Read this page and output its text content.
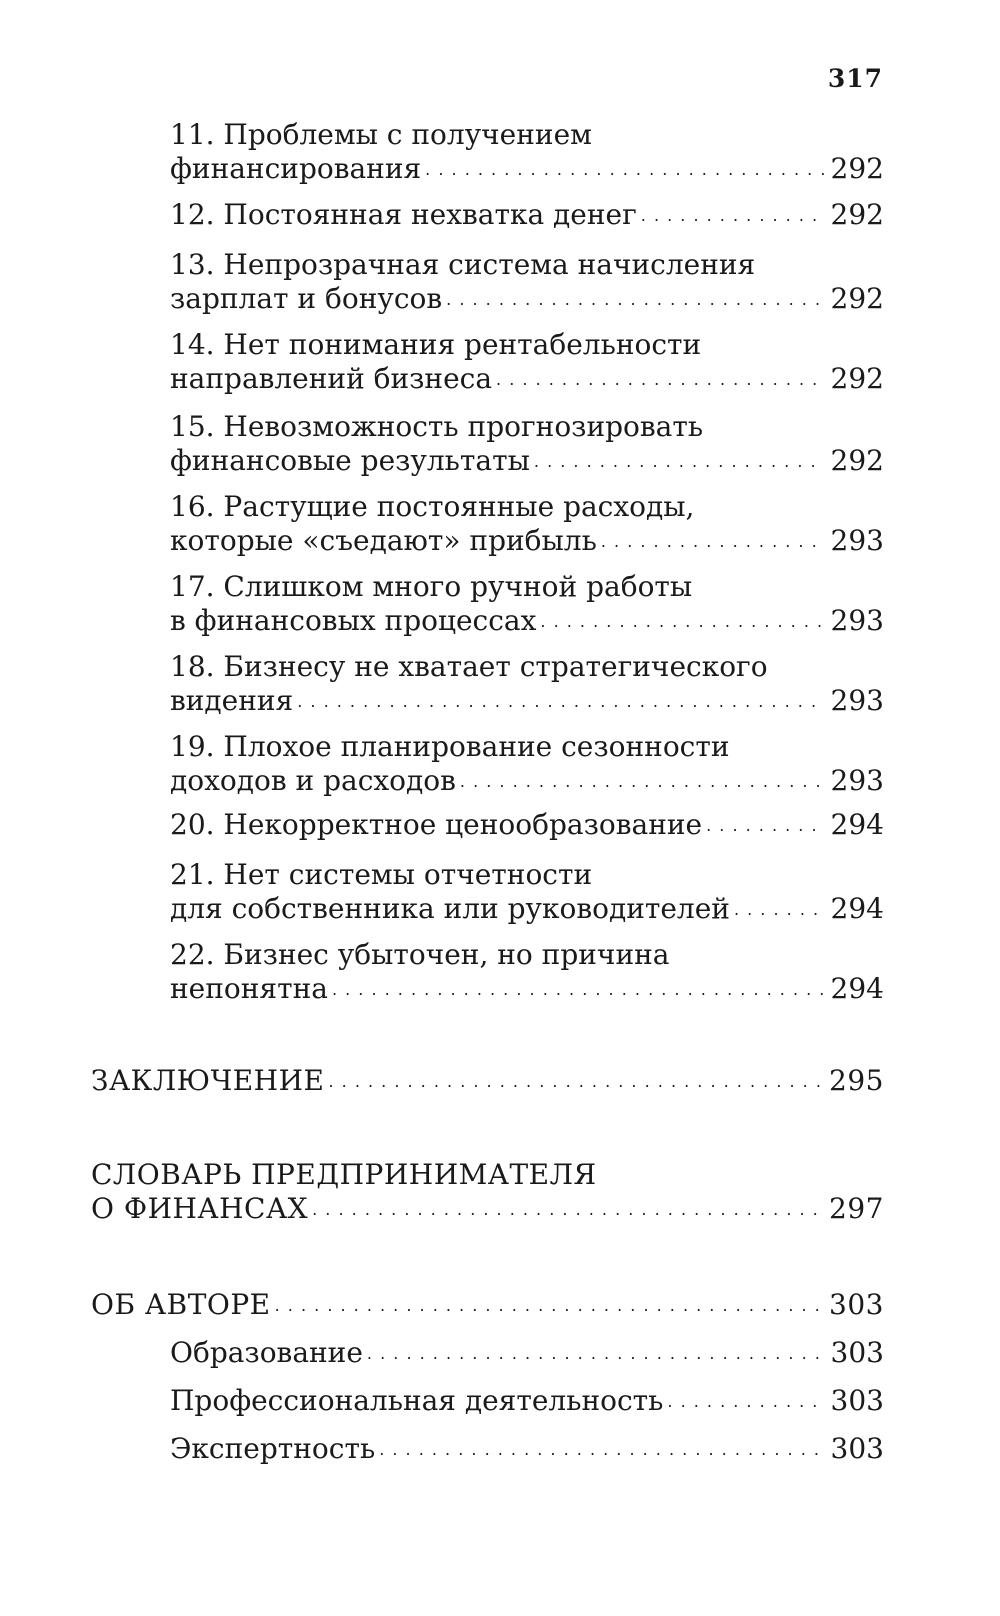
317
11. Проблемы с получением
финансирования . . .	292
12. Постоянная нехватка денег . . .	292
13. Непрозрачная система начисления
зарплат и бонусов . . .	292
14. Нет понимания рентабельности
направлений бизнеса . . .	292
15. Невозможность прогнозировать
финансовые результаты . . .	292
16. Растущие постоянные расходы,
которые «съедают» прибыль . . .	293
17. Слишком много ручной работы
в финансовых процессах . . .	293
18. Бизнесу не хватает стратегического
видения . . .	293
19. Плохое планирование сезонности
доходов и расходов . . .	293
20. Некорректное ценообразование . . .	294
21. Нет системы отчетности
для собственника или руководителей . . .	294
22. Бизнес убыточен, но причина
непонятна . . .	294
ЗАКЛЮЧЕНИЕ . . .	295
СЛОВАРЬ ПРЕДПРИНИМАТЕЛЯ
О ФИНАНСАХ . . .	297
ОБ АВТОРЕ . . .	303
Образование . . .	303
Профессиональная деятельность . . .	303
Экспертность . . .	303
